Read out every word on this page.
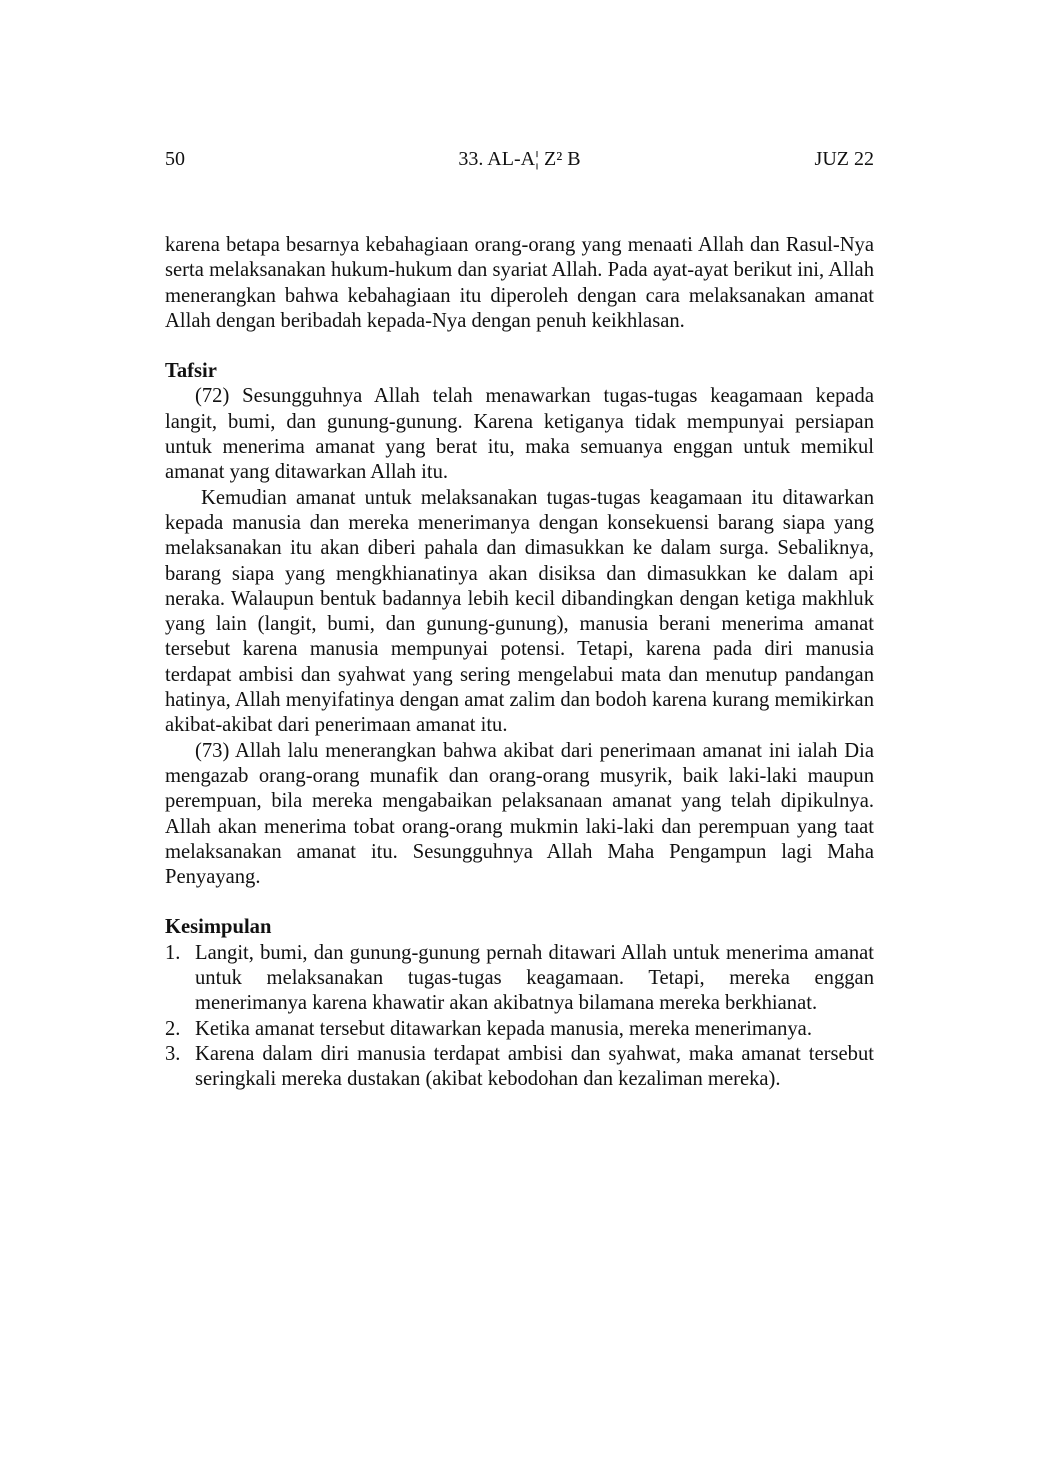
50	33. AL-A¦ Z² B	JUZ 22

karena betapa besarnya kebahagiaan orang-orang yang menaati Allah dan Rasul-Nya serta melaksanakan hukum-hukum dan syariat Allah. Pada ayat-ayat berikut ini, Allah menerangkan bahwa kebahagiaan itu diperoleh dengan cara melaksanakan amanat Allah dengan beribadah kepada-Nya dengan penuh keikhlasan.

Tafsir

(72) Sesungguhnya Allah telah menawarkan tugas-tugas keagamaan kepada langit, bumi, dan gunung-gunung. Karena ketiganya tidak mempunyai persiapan untuk menerima amanat yang berat itu, maka semuanya enggan untuk memikul amanat yang ditawarkan Allah itu.

Kemudian amanat untuk melaksanakan tugas-tugas keagamaan itu ditawarkan kepada manusia dan mereka menerimanya dengan konsekuensi barang siapa yang melaksanakan itu akan diberi pahala dan dimasukkan ke dalam surga. Sebaliknya, barang siapa yang mengkhianatinya akan disiksa dan dimasukkan ke dalam api neraka. Walaupun bentuk badannya lebih kecil dibandingkan dengan ketiga makhluk yang lain (langit, bumi, dan gunung-gunung), manusia berani menerima amanat tersebut karena manusia mempunyai potensi. Tetapi, karena pada diri manusia terdapat ambisi dan syahwat yang sering mengelabui mata dan menutup pandangan hatinya, Allah menyifatinya dengan amat zalim dan bodoh karena kurang memikirkan akibat-akibat dari penerimaan amanat itu.

(73) Allah lalu menerangkan bahwa akibat dari penerimaan amanat ini ialah Dia mengazab orang-orang munafik dan orang-orang musyrik, baik laki-laki maupun perempuan, bila mereka mengabaikan pelaksanaan amanat yang telah dipikulnya. Allah akan menerima tobat orang-orang mukmin laki-laki dan perempuan yang taat melaksanakan amanat itu. Sesungguhnya Allah Maha Pengampun lagi Maha Penyayang.

Kesimpulan
1. Langit, bumi, dan gunung-gunung pernah ditawari Allah untuk menerima amanat untuk melaksanakan tugas-tugas keagamaan. Tetapi, mereka enggan menerimanya karena khawatir akan akibatnya bilamana mereka berkhianat.
2. Ketika amanat tersebut ditawarkan kepada manusia, mereka menerimanya.
3. Karena dalam diri manusia terdapat ambisi dan syahwat, maka amanat tersebut seringkali mereka dustakan (akibat kebodohan dan kezaliman mereka).
